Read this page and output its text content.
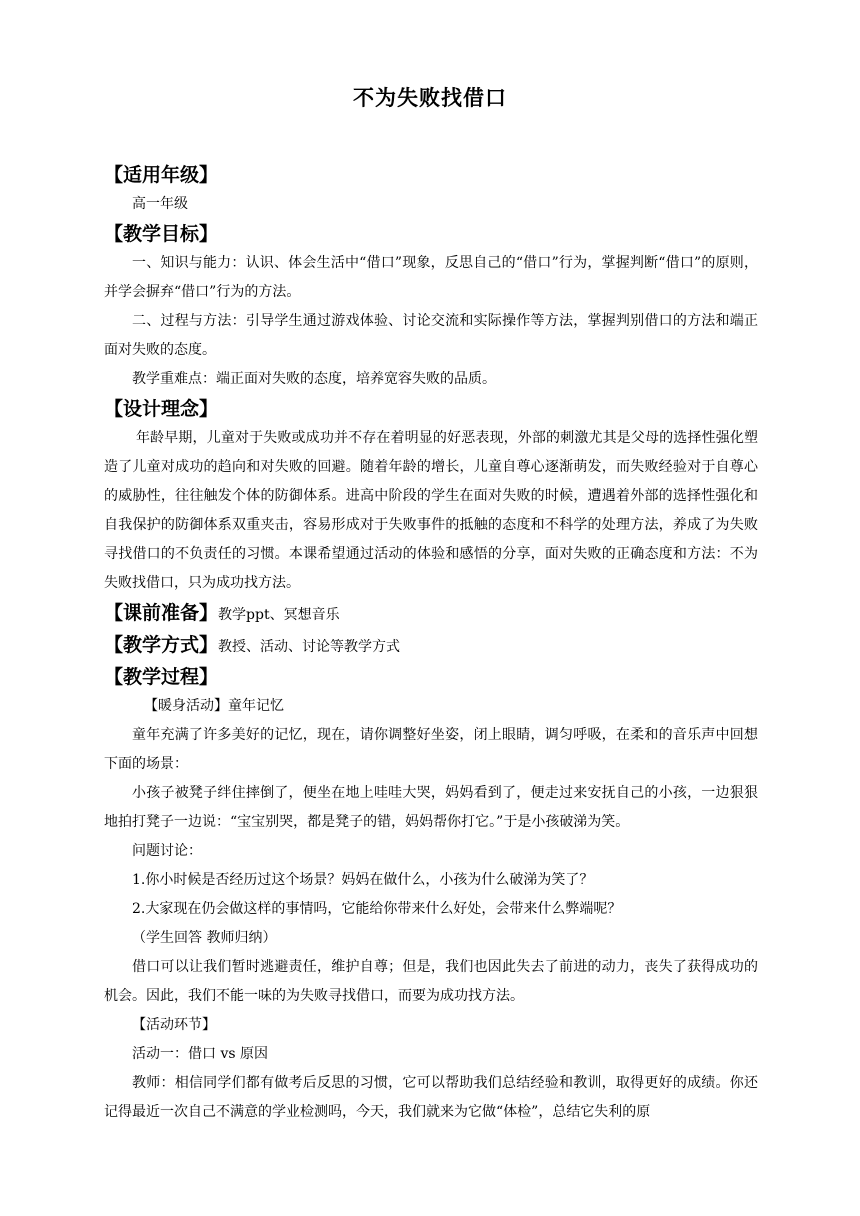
不为失败找借口
【适用年级】

高一年级

【教学目标】

一、知识与能力：认识、体会生活中“借口”现象，反思自己的“借口”行为，掌握判断“借口”的原则，并学会摒弃“借口”行为的方法。

二、过程与方法：引导学生通过游戏体验、讨论交流和实际操作等方法，掌握判别借口的方法和端正面对失败的态度。

教学重难点：端正面对失败的态度，培养宽容失败的品质。

【设计理念】

年龄早期，儿童对于失败或成功并不存在着明显的好恶表现，外部的刺激尤其是父母的选择性强化塑造了儿童对成功的趋向和对失败的回避。随着年龄的增长，儿童自尊心逐渐萌发，而失败经验对于自尊心的威胁性，往往触发个体的防御体系。进高中阶段的学生在面对失败的时候，遭遇着外部的选择性强化和自我保护的防御体系双重夹击，容易形成对于失败事件的抵触的态度和不科学的处理方法，养成了为失败寻找借口的不负责任的习惯。本课希望通过活动的体验和感悟的分享，面对失败的正确态度和方法：不为失败找借口，只为成功找方法。

【课前准备】教学ppt、冥想音乐
【教学方式】教授、活动、讨论等教学方式
【教学过程】

【暖身活动】童年记忆

童年充满了许多美好的记忆，现在，请你调整好坐姿，闭上眼睛，调匀呼吸，在柔和的音乐声中回想下面的场景：

小孩子被凳子绊住摔倒了，便坐在地上哇哇大哭，妈妈看到了，便走过来安抚自己的小孩，一边狠狠地拍打凳子一边说：“宝宝别哭，都是凳子的错，妈妈帮你打它。”于是小孩破涕为笑。

问题讨论：

1.你小时候是否经历过这个场景？妈妈在做什么，小孩为什么破涕为笑了？

2.大家现在仍会做这样的事情吗，它能给你带来什么好处，会带来什么弊端呢？

（学生回答 教师归纳）

借口可以让我们暂时逃避责任，维护自尊；但是，我们也因此失去了前进的动力，丧失了获得成功的机会。因此，我们不能一味的为失败寻找借口，而要为成功找方法。

【活动环节】

活动一：借口 vs 原因

教师：相信同学们都有做考后反思的习惯，它可以帮助我们总结经验和教训，取得更好的成绩。你还记得最近一次自己不满意的学业检测吗，今天，我们就来为它做“体检”，总结它失利的原
